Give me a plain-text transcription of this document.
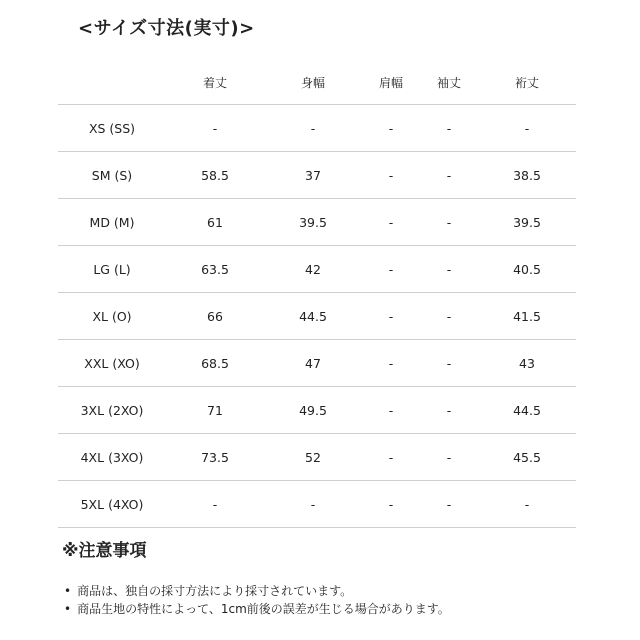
<サイズ寸法(実寸)>
	着丈	身幅	肩幅	袖丈	裄丈
XS (SS)	-	-	-	-	-
SM (S)	58.5	37	-	-	38.5
MD (M)	61	39.5	-	-	39.5
LG (L)	63.5	42	-	-	40.5
XL (O)	66	44.5	-	-	41.5
XXL (XO)	68.5	47	-	-	43
3XL (2XO)	71	49.5	-	-	44.5
4XL (3XO)	73.5	52	-	-	45.5
5XL (4XO)	-	-	-	-	-
※注意事項
• 商品は、独自の採寸方法により採寸されています。
• 商品生地の特性によって、1cm前後の誤差が生じる場合があります。
